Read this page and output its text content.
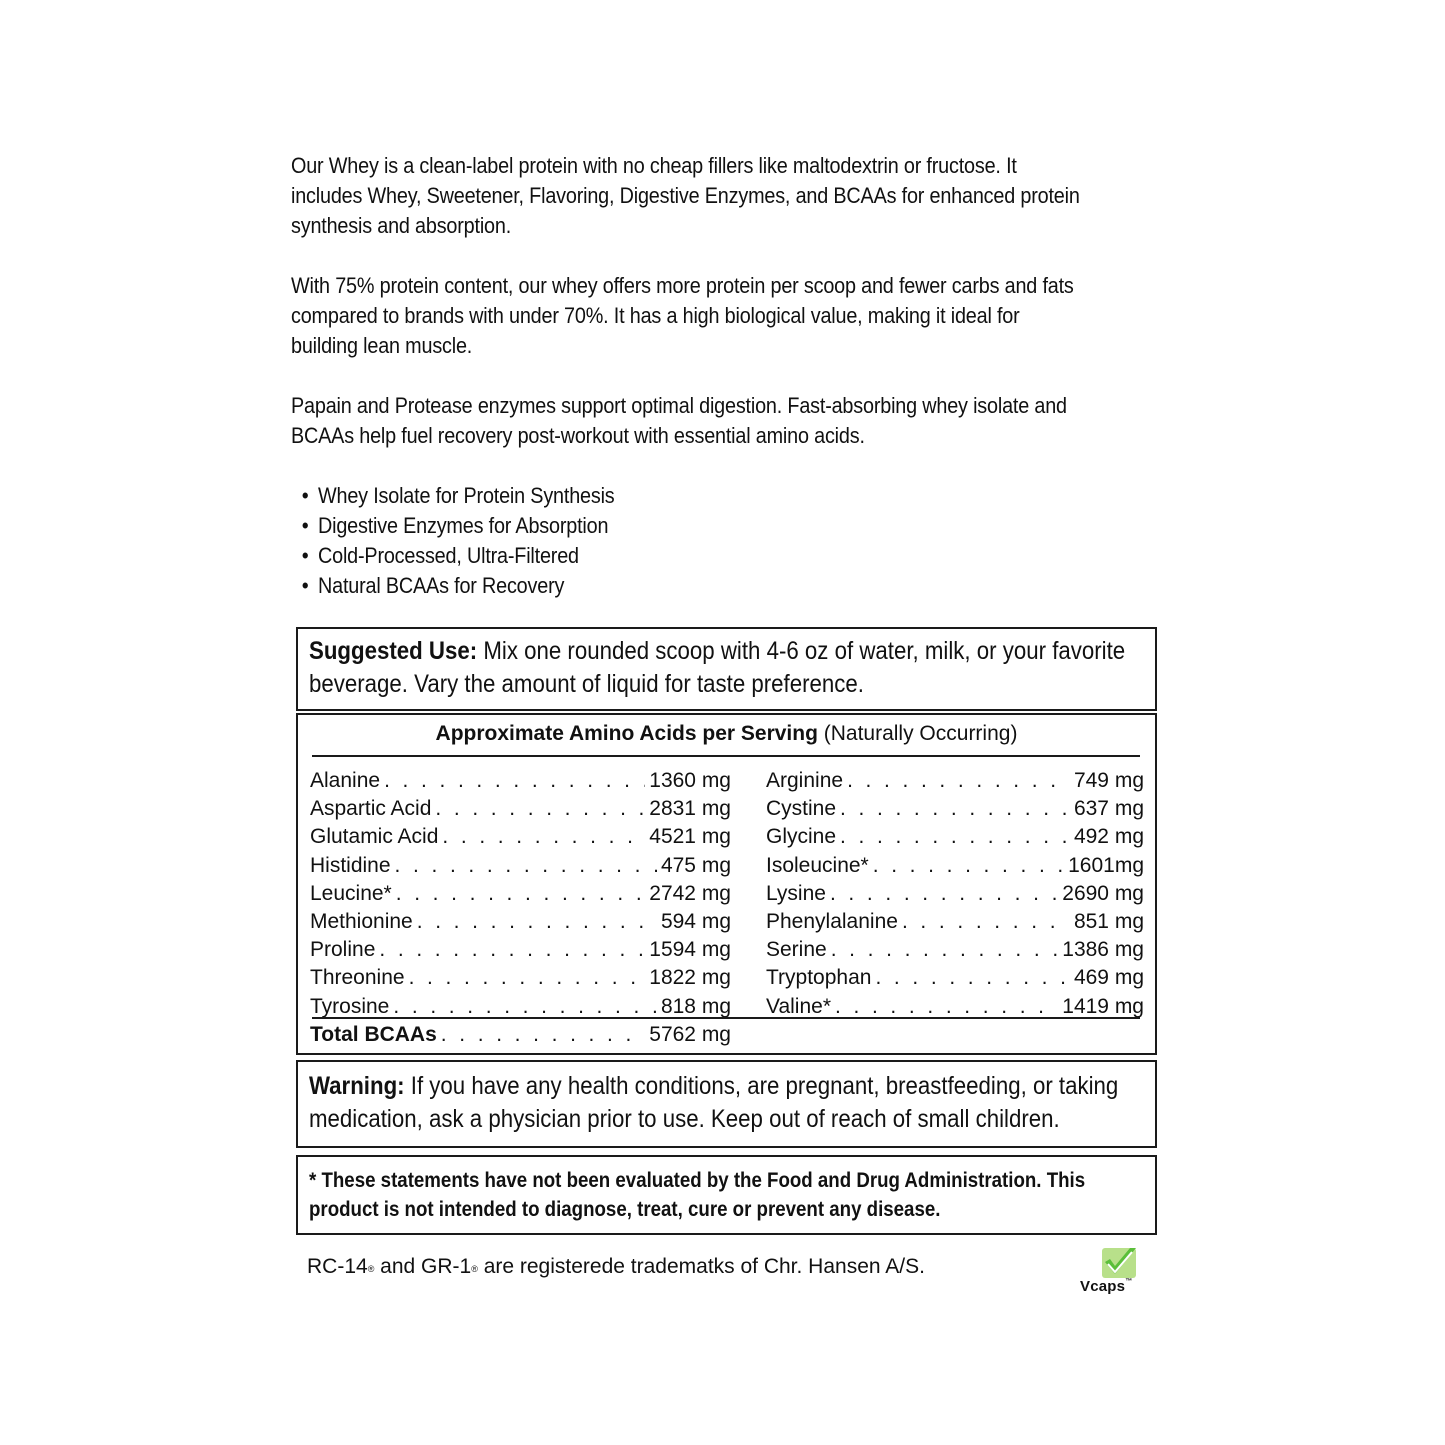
Our Whey is a clean-label protein with no cheap fillers like maltodextrin or fructose. It includes Whey, Sweetener, Flavoring, Digestive Enzymes, and BCAAs for enhanced protein synthesis and absorption.

With 75% protein content, our whey offers more protein per scoop and fewer carbs and fats compared to brands with under 70%. It has a high biological value, making it ideal for building lean muscle.

Papain and Protease enzymes support optimal digestion. Fast-absorbing whey isolate and BCAAs help fuel recovery post-workout with essential amino acids.

• Whey Isolate for Protein Synthesis
• Digestive Enzymes for Absorption
• Cold-Processed, Ultra-Filtered
• Natural BCAAs for Recovery
Suggested Use: Mix one rounded scoop with 4-6 oz of water, milk, or your favorite beverage. Vary the amount of liquid for taste preference.
Approximate Amino Acids per Serving (Naturally Occurring)
Alanine . . .	1360 mg
Aspartic Acid . . .	2831 mg
Glutamic Acid . . .	4521 mg
Histidine . . .	475 mg
Leucine* . . .	2742 mg
Methionine . . .	594 mg
Proline . . .	1594 mg
Threonine . . .	1822 mg
Tyrosine . . .	818 mg
Arginine . . .	749 mg
Cystine . . .	637 mg
Glycine . . .	492 mg
Isoleucine* . . .	1601mg
Lysine . . .	2690 mg
Phenylalanine . . .	851 mg
Serine . . .	1386 mg
Tryptophan . . .	469 mg
Valine* . . .	1419 mg
Total BCAAs . . .	5762 mg
Warning: If you have any health conditions, are pregnant, breastfeeding, or taking medication, ask a physician prior to use. Keep out of reach of small children.
* These statements have not been evaluated by the Food and Drug Administration. This product is not intended to diagnose, treat, cure or prevent any disease.
RC-14® and GR-1® are registerede tradematks of Chr. Hansen A/S.
Vcaps™
